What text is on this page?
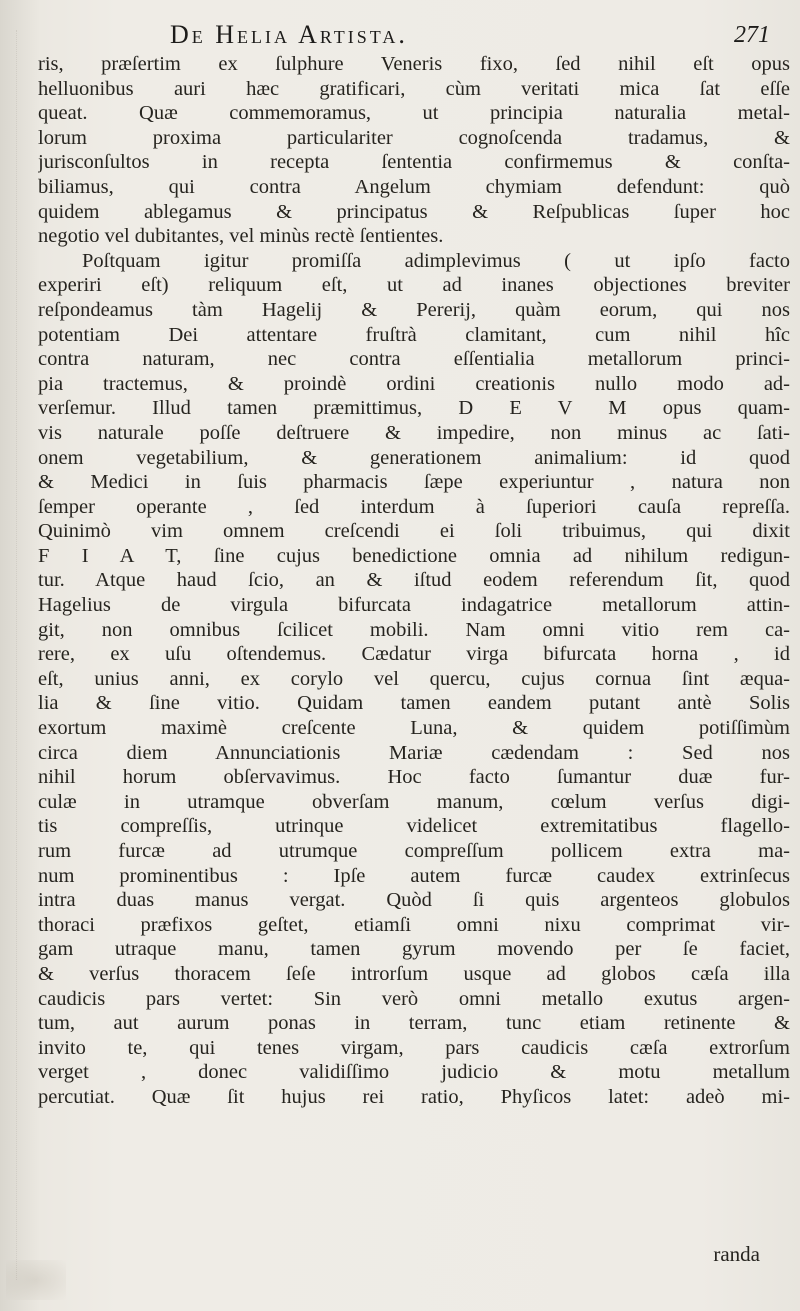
De Helia Artista.	271
ris, præſertim ex ſulphure Veneris fixo, ſed nihil eſt opus
helluonibus auri hæc gratificari, cùm veritati mica ſat eſſe
queat. Quæ commemoramus, ut principia naturalia metal-
lorum proxima particulariter cognoſcenda tradamus, &
jurisconſultos in recepta ſententia confirmemus & conſta-
biliamus, qui contra Angelum chymiam defendunt: quò
quidem ablegamus & principatus & Reſpublicas ſuper hoc
negotio vel dubitantes, vel minùs rectè ſentientes.
Poſtquam igitur promiſſa adimplevimus ( ut ipſo facto
experiri eſt) reliquum eſt, ut ad inanes objectiones breviter
reſpondeamus tàm Hagelij & Pererij, quàm eorum, qui nos
potentiam Dei attentare fruſtrà clamitant, cum nihil hîc
contra naturam, nec contra eſſentialia metallorum princi-
pia tractemus, & proindè ordini creationis nullo modo ad-
verſemur. Illud tamen præmittimus, D E V M opus quam-
vis naturale poſſe deſtruere & impedire, non minus ac ſati-
onem vegetabilium, & generationem animalium: id quod
& Medici in ſuis pharmacis ſæpe experiuntur , natura non
ſemper operante , ſed interdum à ſuperiori cauſa repreſſa.
Quinimò vim omnem creſcendi ei ſoli tribuimus, qui dixit
F I A T, ſine cujus benedictione omnia ad nihilum redigun-
tur. Atque haud ſcio, an & iſtud eodem referendum ſit, quod
Hagelius de virgula bifurcata indagatrice metallorum attin-
git, non omnibus ſcilicet mobili. Nam omni vitio rem ca-
rere, ex uſu oſtendemus. Cædatur virga bifurcata horna , id
eſt, unius anni, ex corylo vel quercu, cujus cornua ſint æqua-
lia & ſine vitio. Quidam tamen eandem putant antè Solis
exortum maximè creſcente Luna, & quidem potiſſimùm
circa diem Annunciationis Mariæ cædendam : Sed nos
nihil horum obſervavimus. Hoc facto ſumantur duæ fur-
culæ in utramque obverſam manum, cœlum verſus digi-
tis compreſſis, utrinque videlicet extremitatibus flagello-
rum furcæ ad utrumque compreſſum pollicem extra ma-
num prominentibus : Ipſe autem furcæ caudex extrinſecus
intra duas manus vergat. Quòd ſi quis argenteos globulos
thoraci præfixos geſtet, etiamſi omni nixu comprimat vir-
gam utraque manu, tamen gyrum movendo per ſe faciet,
& verſus thoracem ſeſe introrſum usque ad globos cæſa illa
caudicis pars vertet: Sin verò omni metallo exutus argen-
tum, aut aurum ponas in terram, tunc etiam retinente &
invito te, qui tenes virgam, pars caudicis cæſa extrorſum
verget , donec validiſſimo judicio & motu metallum
percutiat. Quæ ſit hujus rei ratio, Phyſicos latet: adeò mi-
randa
